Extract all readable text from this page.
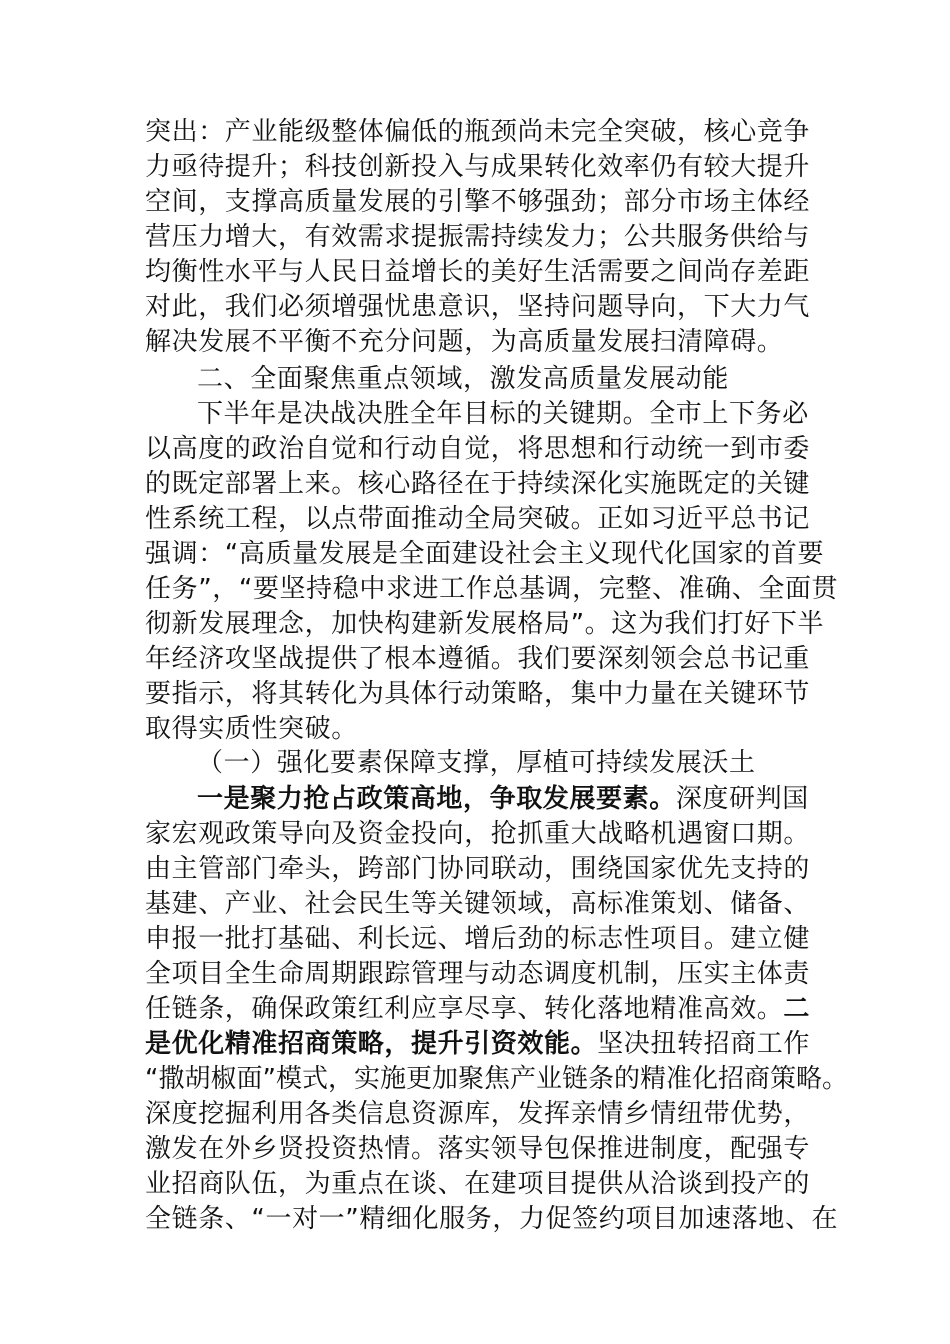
突出：产业能级整体偏低的瓶颈尚未完全突破，核心竞争
力亟待提升；科技创新投入与成果转化效率仍有较大提升
空间，支撑高质量发展的引擎不够强劲；部分市场主体经
营压力增大，有效需求提振需持续发力；公共服务供给与
均衡性水平与人民日益增长的美好生活需要之间尚存差距
对此，我们必须增强忧患意识，坚持问题导向，下大力气
解决发展不平衡不充分问题，为高质量发展扫清障碍。
二、全面聚焦重点领域，激发高质量发展动能
下半年是决战决胜全年目标的关键期。全市上下务必
以高度的政治自觉和行动自觉，将思想和行动统一到市委
的既定部署上来。核心路径在于持续深化实施既定的关键
性系统工程，以点带面推动全局突破。正如习近平总书记
强调：“高质量发展是全面建设社会主义现代化国家的首要
任务”，“要坚持稳中求进工作总基调，完整、准确、全面贯
彻新发展理念，加快构建新发展格局”。这为我们打好下半
年经济攻坚战提供了根本遵循。我们要深刻领会总书记重
要指示，将其转化为具体行动策略，集中力量在关键环节
取得实质性突破。
（一）强化要素保障支撑，厚植可持续发展沃土
一是聚力抢占政策高地，争取发展要素。深度研判国
家宏观政策导向及资金投向，抢抓重大战略机遇窗口期。
由主管部门牵头，跨部门协同联动，围绕国家优先支持的
基建、产业、社会民生等关键领域，高标准策划、储备、
申报一批打基础、利长远、增后劲的标志性项目。建立健
全项目全生命周期跟踪管理与动态调度机制，压实主体责
任链条，确保政策红利应享尽享、转化落地精准高效。二
是优化精准招商策略，提升引资效能。坚决扭转招商工作
“撒胡椒面”模式，实施更加聚焦产业链条的精准化招商策略。
深度挖掘利用各类信息资源库，发挥亲情乡情纽带优势，
激发在外乡贤投资热情。落实领导包保推进制度，配强专
业招商队伍，为重点在谈、在建项目提供从洽谈到投产的
全链条、“一对一”精细化服务，力促签约项目加速落地、在
